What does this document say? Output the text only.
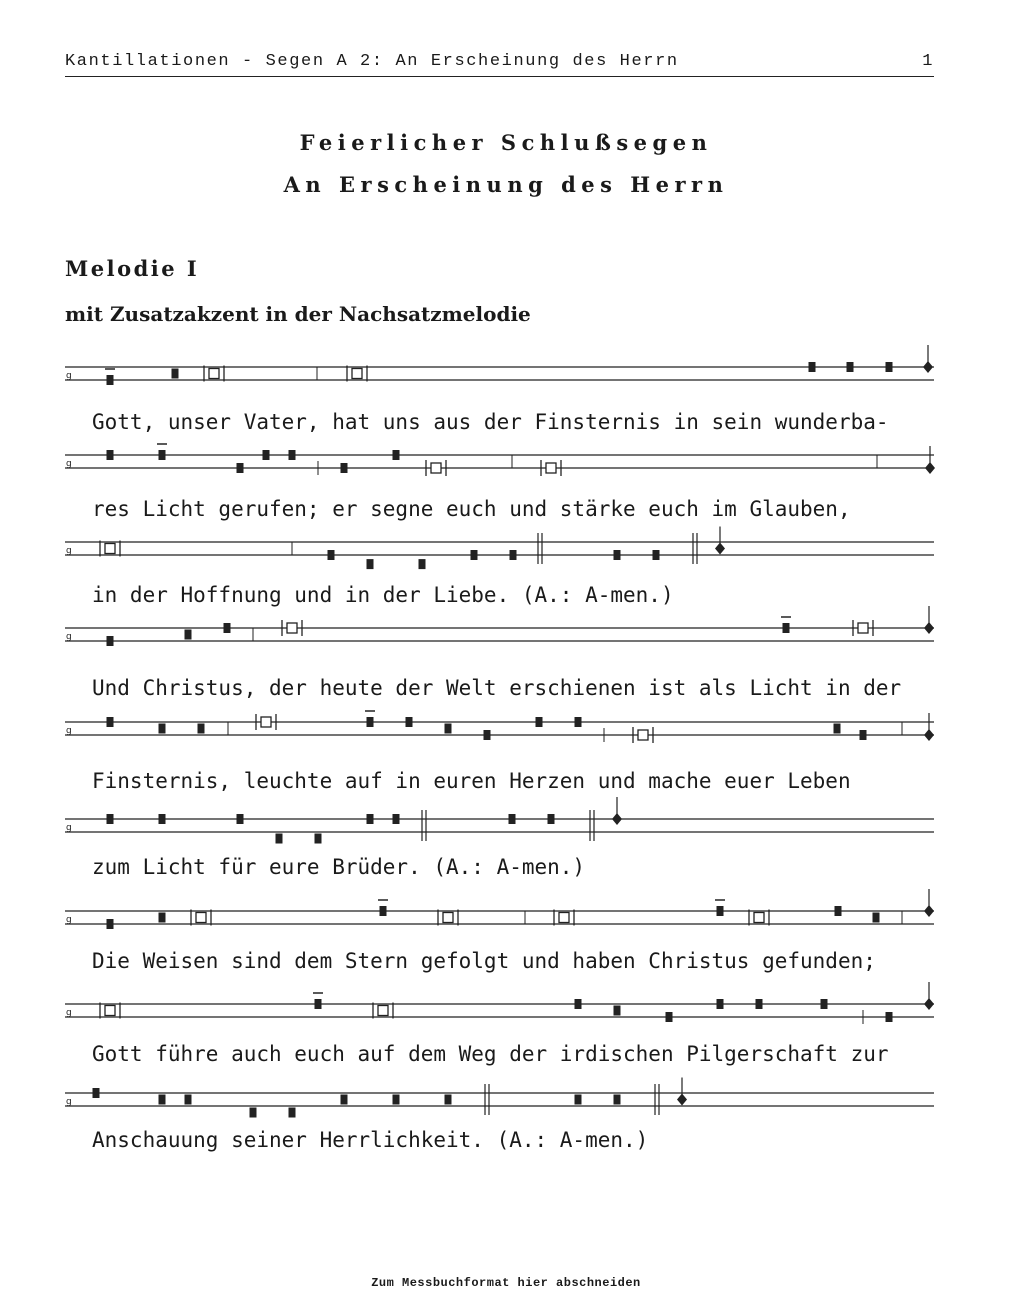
Kantillationen - Segen A 2: An Erscheinung des Herrn	1
Feierlicher Schlußsegen
An Erscheinung des Herrn
Melodie I
mit Zusatzakzent in der Nachsatzmelodie
g
g
g
g
g
g
g
g
g
Gott, unser Vater, hat uns aus der Finsternis in sein wunderba-
res Licht gerufen; er segne euch und stärke euch im Glauben,
in der Hoffnung und in der Liebe. (A.: A-men.)
Und Christus, der heute der Welt erschienen ist als Licht in der
Finsternis, leuchte auf in euren Herzen und mache euer Leben
zum Licht für eure Brüder. (A.: A-men.)
Die Weisen sind dem Stern gefolgt und haben Christus gefunden;
Gott führe auch euch auf dem Weg der irdischen Pilgerschaft zur
Anschauung seiner Herrlichkeit. (A.: A-men.)
Zum Messbuchformat hier abschneiden
